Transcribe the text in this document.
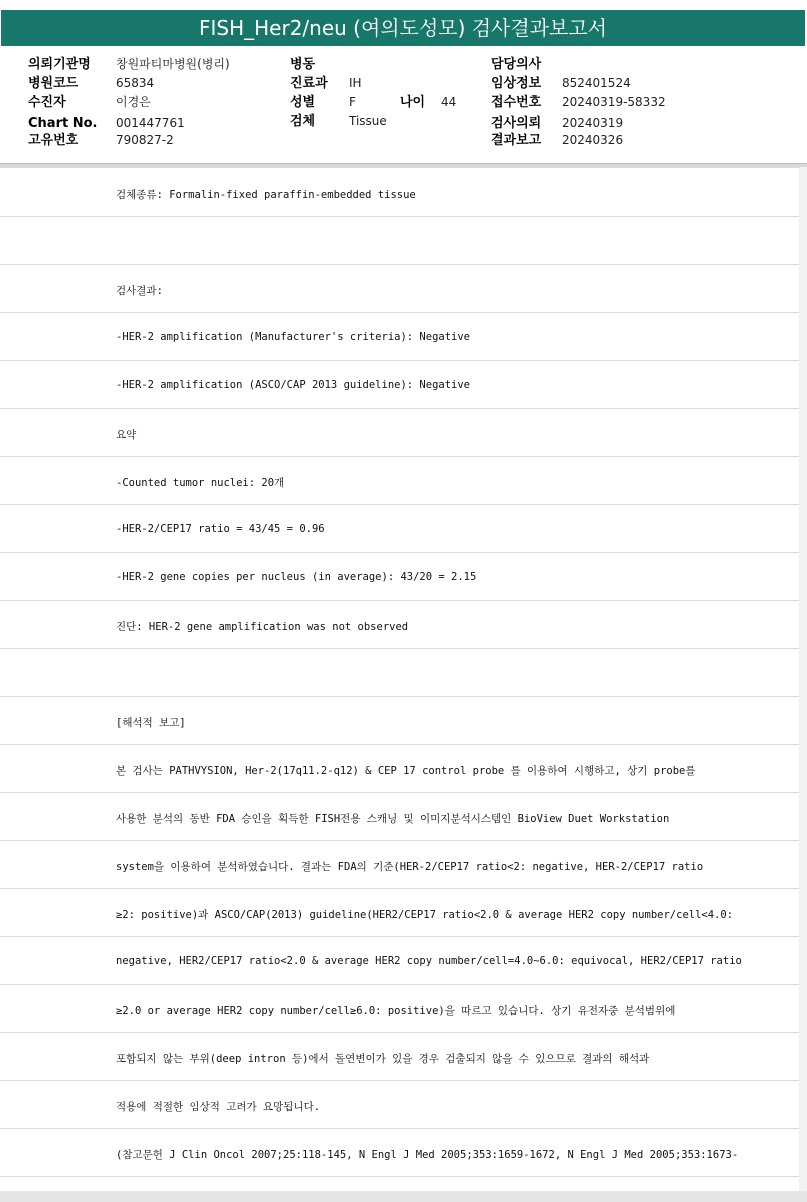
FISH_Her2/neu (여의도성모) 검사결과보고서
의뢰기관명 창원파티마병원(병리)
병원코드	65834
수진자	이경은
Chart No. 001447761
고유번호	790827-2
병동
진료과 IH
성별	F	나이 44
검체	Tissue
담당의사
임상정보 852401524
접수번호 20240319-58332
검사의뢰 20240319
결과보고 20240326
검체종류: Formalin-fixed paraffin-embedded tissue
검사결과:
-HER-2 amplification (Manufacturer's criteria): Negative
-HER-2 amplification (ASCO/CAP 2013 guideline): Negative
요약
-Counted tumor nuclei: 20개
-HER-2/CEP17 ratio = 43/45 = 0.96
-HER-2 gene copies per nucleus (in average): 43/20 = 2.15
진단: HER-2 gene amplification was not observed
[해석적 보고]
본 검사는 PATHVYSION, Her-2(17q11.2-q12) & CEP 17 control probe 를 이용하여 시행하고, 상기 probe를
사용한 분석의 동반 FDA 승인을 획득한 FISH전용 스캐닝 및 이미지분석시스템인 BioView Duet Workstation
system을 이용하여 분석하였습니다. 결과는 FDA의 기준(HER-2/CEP17 ratio<2: negative, HER-2/CEP17 ratio
≥2: positive)과 ASCO/CAP(2013) guideline(HER2/CEP17 ratio<2.0 & average HER2 copy number/cell<4.0:
negative, HER2/CEP17 ratio<2.0 & average HER2 copy number/cell=4.0~6.0: equivocal, HER2/CEP17 ratio
≥2.0 or average HER2 copy number/cell≥6.0: positive)을 따르고 있습니다. 상기 유전자중 분석범위에
포함되지 않는 부위(deep intron 등)에서 돌연변이가 있을 경우 검출되지 않을 수 있으므로 결과의 해석과
적용에 적절한 임상적 고려가 요망됩니다.
(참고문헌 J Clin Oncol 2007;25:118-145, N Engl J Med 2005;353:1659-1672, N Engl J Med 2005;353:1673-
